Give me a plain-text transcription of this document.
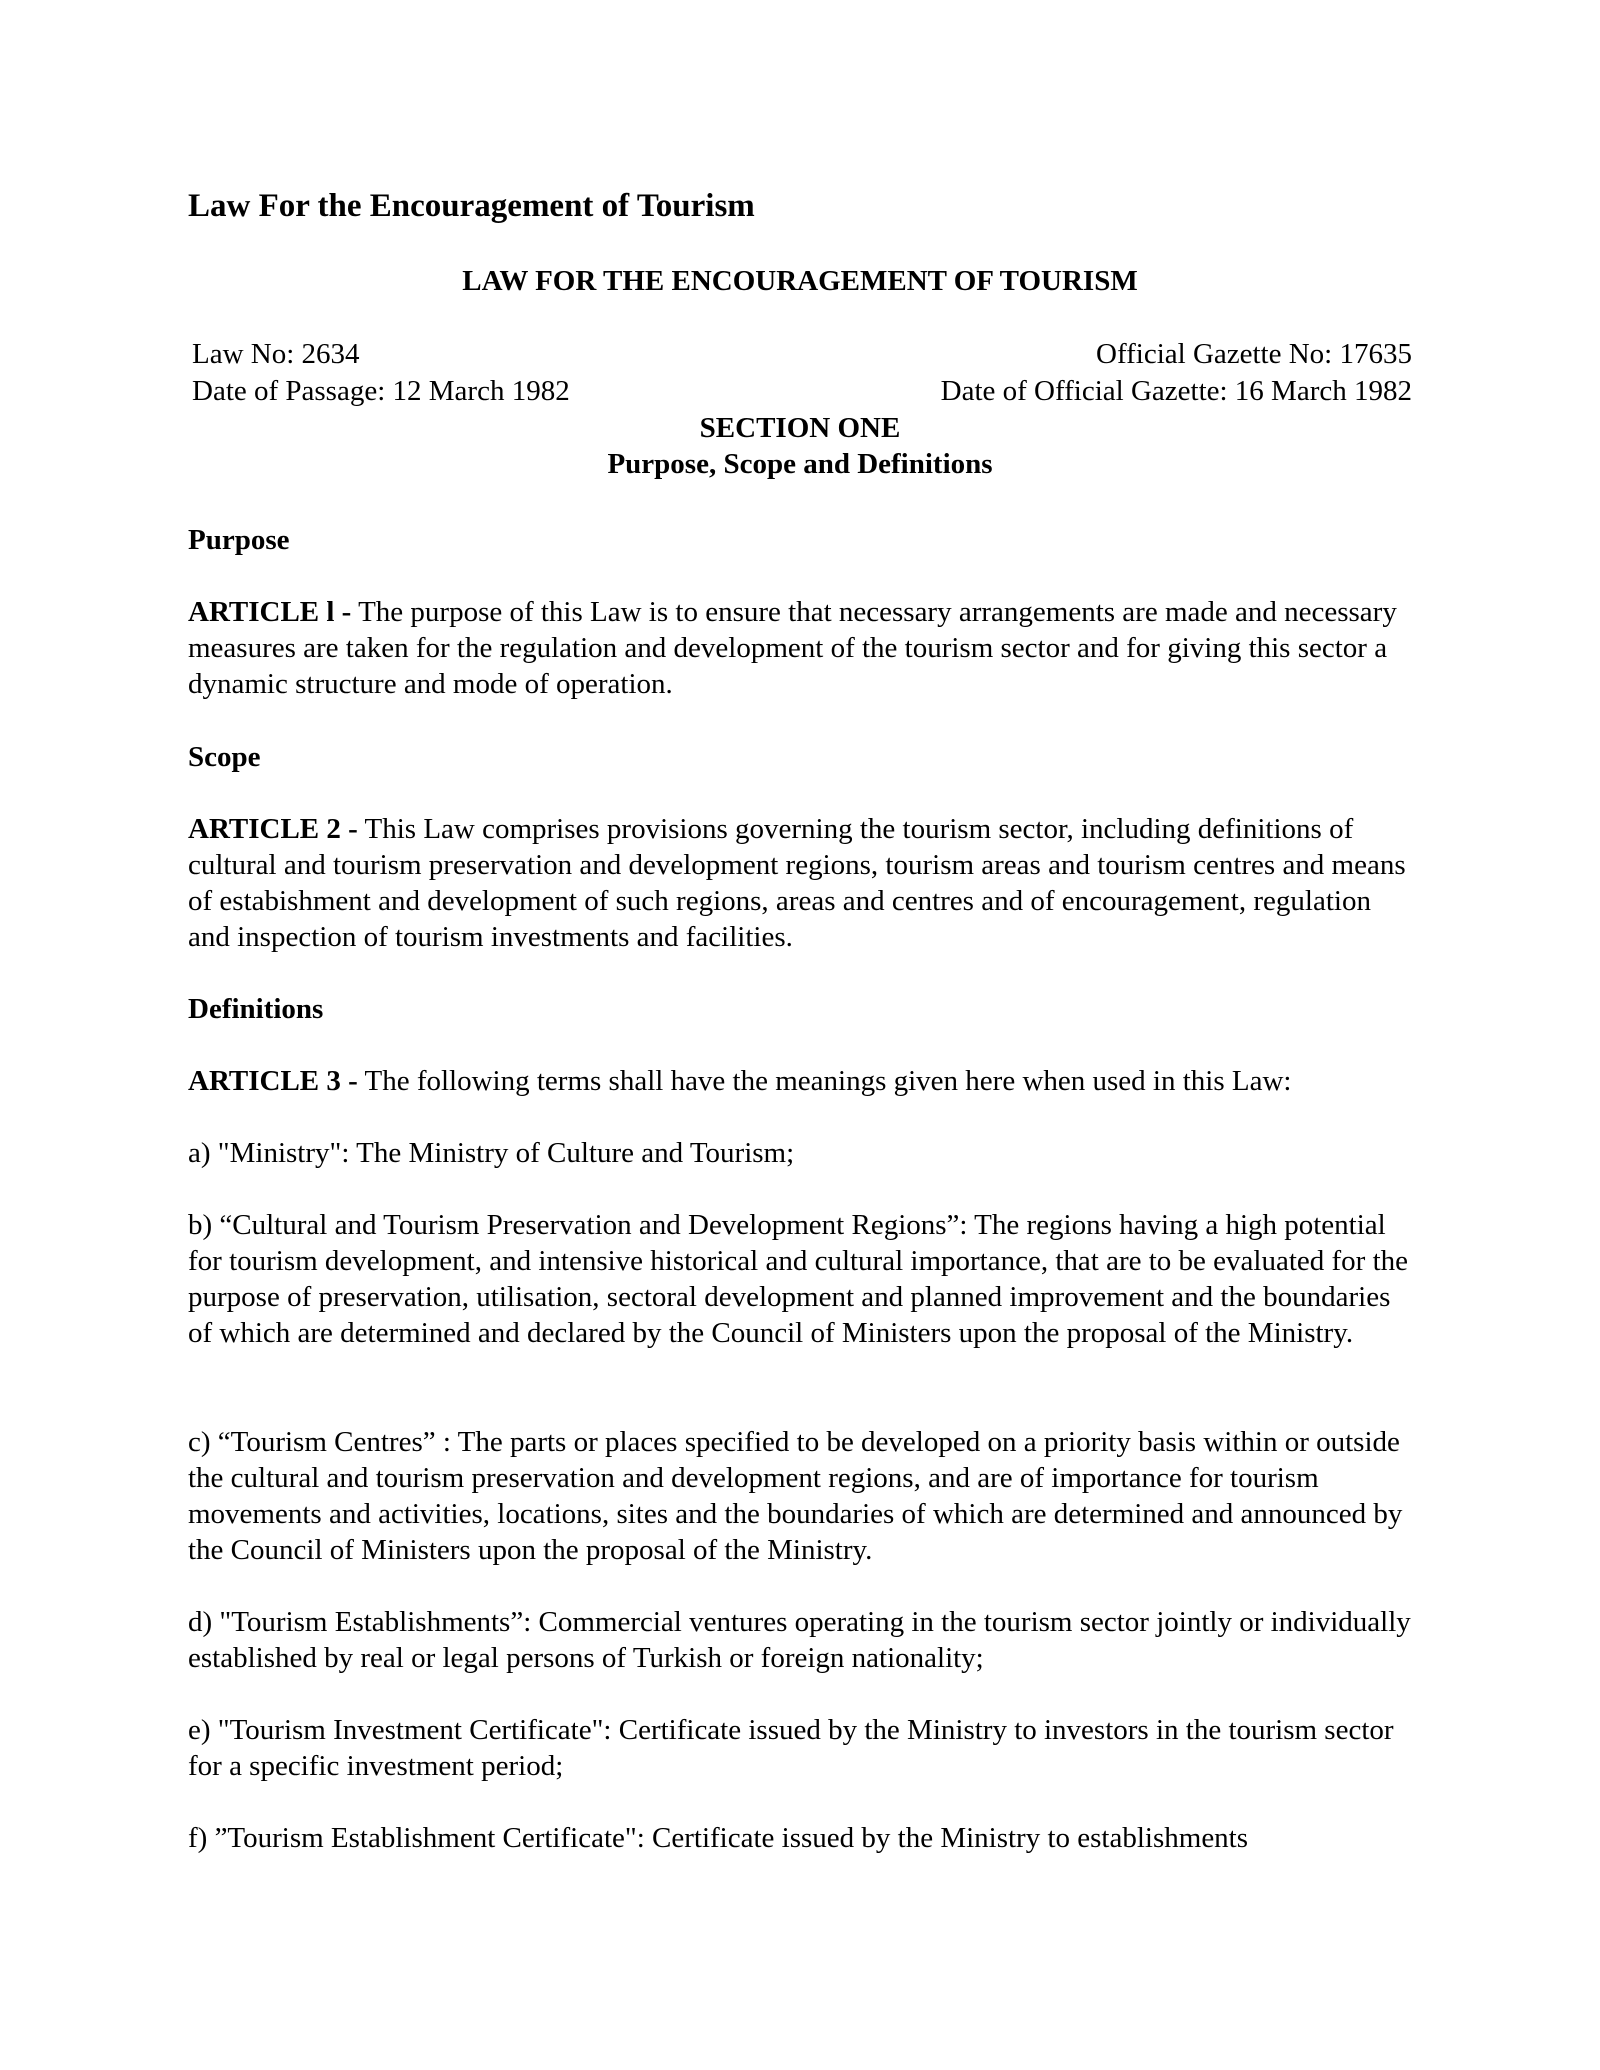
Law For the Encouragement of Tourism
LAW FOR THE ENCOURAGEMENT OF TOURISM
Law No: 2634	Official Gazette No: 17635
Date of Passage: 12 March 1982	Date of Official Gazette: 16 March 1982
SECTION ONE
Purpose, Scope and Definitions
Purpose
ARTICLE l - The purpose of this Law is to ensure that necessary arrangements are made and necessary measures are taken for the regulation and development of the tourism sector and for giving this sector a dynamic structure and mode of operation.
Scope
ARTICLE 2 - This Law comprises provisions governing the tourism sector, including definitions of cultural and tourism preservation and development regions, tourism areas and tourism centres and means of estabishment and development of such regions, areas and centres and of encouragement, regulation and inspection of tourism investments and facilities.
Definitions
ARTICLE 3 - The following terms shall have the meanings given here when used in this Law:
a) "Ministry": The Ministry of Culture and Tourism;
b) “Cultural and Tourism Preservation and Development Regions”: The regions having a high potential for tourism development, and intensive historical and cultural importance, that are to be evaluated for the purpose of preservation, utilisation, sectoral development and planned improvement and the boundaries of which are determined and declared by the Council of Ministers upon the proposal of the Ministry.
c) “Tourism Centres” : The parts or places specified to be developed on a priority basis within or outside the cultural and tourism preservation and development regions, and are of importance for tourism movements and activities, locations, sites and the boundaries of which are determined and announced by the Council of Ministers upon the proposal of the Ministry.
d) "Tourism Establishments”: Commercial ventures operating in the tourism sector jointly or individually established by real or legal persons of Turkish or foreign nationality;
e) "Tourism Investment Certificate": Certificate issued by the Ministry to investors in the tourism sector for a specific investment period;
f) ”Tourism Establishment Certificate": Certificate issued by the Ministry to establishments
